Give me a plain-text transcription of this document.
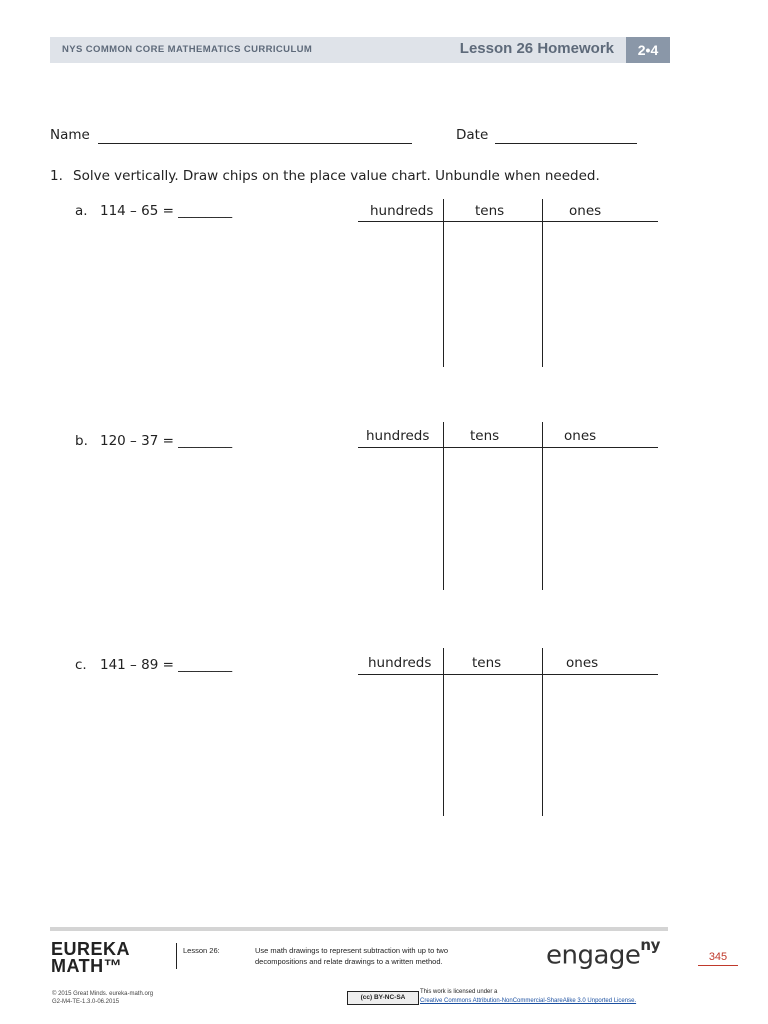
NYS COMMON CORE MATHEMATICS CURRICULUM	Lesson 26 Homework	2•4
Name	Date
1. Solve vertically. Draw chips on the place value chart. Unbundle when needed.
a. 114 – 65 = ________	hundreds	tens	ones
b. 120 – 37 = ________	hundreds	tens	ones
c. 141 – 89 = ________	hundreds	tens	ones
EUREKA
MATH™
Lesson 26:	Use math drawings to represent subtraction with up to two
decompositions and relate drawings to a written method.	engage$^{ny}$
345
© 2015 Great Minds. eureka-math.org
G2-M4-TE-1.3.0-06.2015
(cc) BY-NC-SA
This work is licensed under a
Creative Commons Attribution-NonCommercial-ShareAlike 3.0 Unported License.
